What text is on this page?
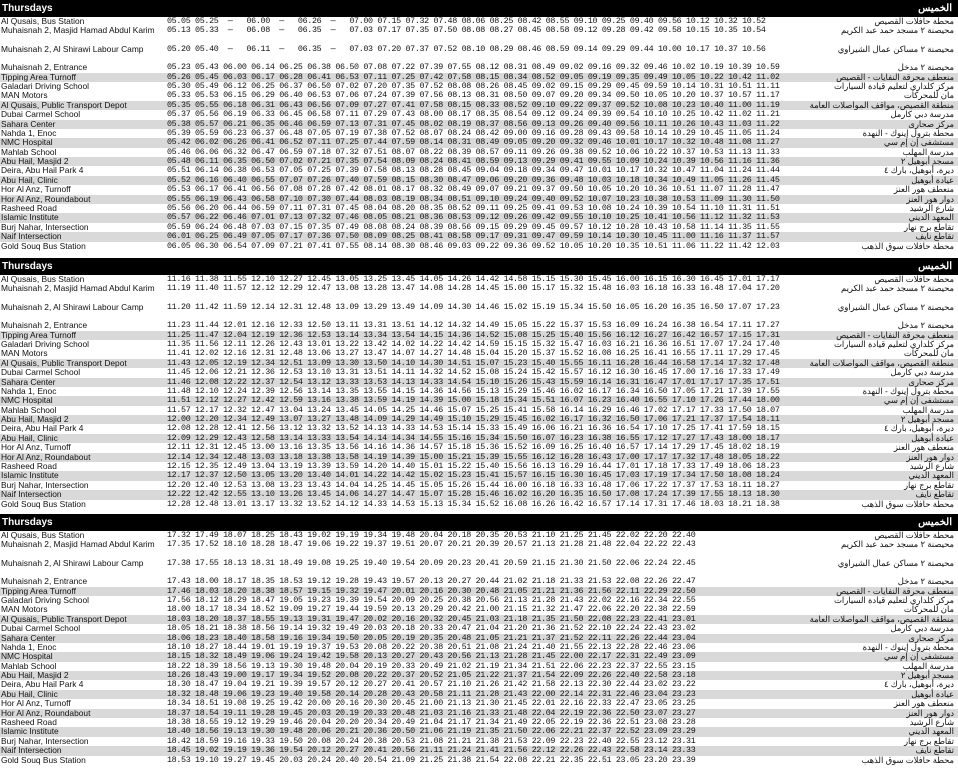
Thursdays	الخميس
Al Qusais, Bus Station	05.05 05.25  —   06.00  —   06.26  —   07.00 07.15 07.32 07.48 08.06 08.25 08.42 08.55 09.10 09.25 09.40 09.56 10.12 10.32 10.52	محطة حافلات القصيص
Muhaisnah 2, Masjid Hamad Abdul Karim	05.13 05.33  —   06.08  —   06.35  —   07.03 07.17 07.35 07.50 08.08 08.27 08.45 08.58 09.12 09.28 09.42 09.58 10.15 10.35 10.54	محيصنة ٢ مسجد حمد عبد الكريم
Muhaisnah 2, Al Shirawi Labour Camp	05.20 05.40  —   06.11  —   06.35  —   07.03 07.20 07.37 07.52 08.10 08.29 08.46 08.59 09.14 09.29 09.44 10.00 10.17 10.37 10.56	محيصنة ٢ مساكن عمال الشيراوي
Muhaisnah 2, Entrance	05.23 05.43 06.00 06.14 06.25 06.38 06.50 07.08 07.22 07.39 07.55 08.12 08.31 08.49 09.02 09.16 09.32 09.46 10.02 10.19 10.39 10.59	محيصنة ٢ مدخل
Tipping Area Turnoff	05.26 05.45 06.03 06.17 06.28 06.41 06.53 07.11 07.25 07.42 07.58 08.15 08.34 08.52 09.05 09.19 09.35 09.49 10.05 10.22 10.42 11.02	منعطف محرقة النفايات - القصيص
Galadari Driving School	05.30 05.49 06.12 06.25 06.37 06.50 07.02 07.20 07.35 07.52 08.08 08.26 08.45 09.02 09.15 09.29 09.45 09.59 10.14 10.31 10.51 11.11	مركز كلداري لتعليم قيادة السيارات
MAN Motors	05.33 05.53 06.15 06.29 06.40 06.53 07.06 07.24 07.39 07.56 08.13 08.31 08.50 09.07 09.20 09.34 09.50 10.05 10.20 10.37 10.57 11.17	مان للمحركات
Al Qusais, Public Transport Depot	05.35 05.55 06.18 06.31 06.43 06.56 07.09 07.27 07.41 07.58 08.15 08.33 08.52 09.10 09.22 09.37 09.52 10.08 10.23 10.40 11.00 11.19	منطقة القصيص، مواقف المواصلات العامة
Dubai Carmel School	05.37 05.56 06.19 06.33 06.45 06.58 07.11 07.29 07.43 08.00 08.17 08.35 08.54 09.12 09.24 09.39 09.54 10.10 10.25 10.42 11.02 11.21	مدرسة دبي كارمل
Sahara Center	05.38 05.57 06.21 06.35 06.46 06.59 07.13 07.31 07.45 08.02 08.19 08.37 08.56 09.13 09.26 09.40 09.56 10.11 10.26 10.43 11.03 11.22	مركز صحارى
Nahda 1, Enoc	05.39 05.59 06.23 06.37 06.48 07.05 07.19 07.38 07.52 08.07 08.24 08.42 09.00 09.16 09.28 09.43 09.58 10.14 10.29 10.45 11.05 11.24	محطة بترول إينوك - النهدة
NMC Hospital	05.42 06.02 06.26 06.41 06.52 07.11 07.25 07.44 07.59 08.14 08.31 08.49 09.05 09.20 09.32 09.46 10.01 10.17 10.32 10.48 11.08 11.27	مستشفى إن إم سي
Mahlab School	05.46 06.06 06.32 06.47 06.59 07.18 07.32 07.51 08.07 08.22 08.39 08.57 09.11 09.26 09.38 09.52 10.06 10.22 10.37 10.53 11.13 11.33	مدرسة المهلب
Abu Hail, Masjid 2	05.48 06.11 06.35 06.50 07.02 07.21 07.35 07.54 08.09 08.24 08.41 08.59 09.13 09.29 09.41 09.55 10.09 10.24 10.39 10.56 11.16 11.36	مسجد أبوهيل ٢
Deira, Abu Hail Park 4	05.51 06.14 06.38 06.53 07.05 07.25 07.39 07.58 08.13 08.28 08.45 09.04 09.18 09.34 09.47 10.01 10.17 10.32 10.47 11.04 11.24 11.44	ديرة، أبوهيل، بارك ٤
Abu Hail, Clinic	05.52 06.16 06.40 06.55 07.07 07.26 07.40 07.59 08.15 08.30 08.47 09.06 09.20 09.36 09.48 10.03 10.18 10.34 10.49 11.05 11.26 11.45	عيادة أبوهيل
Hor Al Anz, Turnoff	05.53 06.17 06.41 06.56 07.08 07.28 07.42 08.01 08.17 08.32 08.49 09.07 09.21 09.37 09.50 10.05 10.20 10.36 10.51 11.07 11.28 11.47	منعطف هور العنز
Hor Al Anz, Roundabout	05.55 06.19 06.43 06.58 07.10 07.30 07.44 08.03 08.19 08.34 08.51 09.10 09.24 09.40 09.52 10.07 10.23 10.38 10.53 11.09 11.30 11.50	دوار هور العنز
Rasheed Road	05.56 06.20 06.44 06.59 07.11 07.31 07.45 08.04 08.20 08.35 08.52 09.11 09.25 09.41 09.53 10.08 10.24 10.39 10.54 11.10 11.31 11.51	شارع الرشيد
Islamic Institute	05.57 06.22 06.46 07.01 07.13 07.32 07.46 08.05 08.21 08.36 08.53 09.12 09.26 09.42 09.55 10.10 10.25 10.41 10.56 11.12 11.32 11.53	المعهد الديني
Burj Nahar, Intersection	05.59 06.24 06.48 07.03 07.15 07.35 07.49 08.08 08.24 08.39 08.56 09.15 09.29 09.45 09.57 10.12 10.28 10.43 10.58 11.14 11.35 11.55	تقاطع برج نهار
Naif Intersection	06.01 06.25 06.49 07.05 07.17 07.36 07.50 08.09 08.25 08.41 08.58 09.17 09.31 09.47 09.59 10.14 10.30 10.45 11.00 11.16 11.37 11.57	تقاطع نايف
Gold Souq Bus Station	06.05 06.30 06.54 07.09 07.21 07.41 07.55 08.14 08.30 08.46 09.03 09.22 09.36 09.52 10.05 10.20 10.35 10.51 11.06 11.22 11.42 12.03	محطة حافلات سوق الذهب
Thursdays	الخميس
Al Qusais, Bus Station	11.16 11.38 11.55 12.10 12.27 12.45 13.05 13.25 13.45 14.05 14.26 14.42 14.58 15.15 15.30 15.45 16.00 16.15 16.30 16.45 17.01 17.17	محطة حافلات القصيص
Muhaisnah 2, Masjid Hamad Abdul Karim	11.19 11.40 11.57 12.12 12.29 12.47 13.08 13.28 13.47 14.08 14.28 14.45 15.00 15.17 15.32 15.48 16.03 16.18 16.33 16.48 17.04 17.20	محيصنة ٢ مسجد حمد عبد الكريم
Muhaisnah 2, Al Shirawi Labour Camp	11.20 11.42 11.59 12.14 12.31 12.48 13.09 13.29 13.49 14.09 14.30 14.46 15.02 15.19 15.34 15.50 16.05 16.20 16.35 16.50 17.07 17.23	محيصنة ٢ مساكن عمال الشيراوي
Muhaisnah 2, Entrance	11.23 11.44 12.01 12.16 12.33 12.50 13.11 13.31 13.51 14.12 14.32 14.49 15.05 15.22 15.37 15.53 16.09 16.24 16.38 16.54 17.11 17.27	محيصنة ٢ مدخل
Tipping Area Turnoff	11.25 11.47 12.04 12.19 12.36 12.53 13.14 13.34 13.54 14.15 14.36 14.52 15.08 15.25 15.40 15.56 16.12 16.27 16.42 16.57 17.15 17.31	منعطف محرقة النفايات - القصيص
Galadari Driving School	11.35 11.56 12.11 12.26 12.43 13.01 13.22 13.42 14.02 14.22 14.42 14.59 15.15 15.32 15.47 16.03 16.21 16.36 16.51 17.07 17.24 17.40	مركز كلداري لتعليم قيادة السيارات
MAN Motors	11.41 12.02 12.16 12.31 12.48 13.06 13.27 13.47 14.07 14.27 14.48 15.04 15.20 15.37 15.52 16.08 16.25 16.41 16.55 17.11 17.29 17.45	مان للمحركات
Al Qusais, Public Transport Depot	11.43 12.05 12.19 12.34 12.51 13.09 13.30 13.50 14.10 14.30 14.51 15.07 15.23 15.40 15.55 16.11 16.28 16.44 16.58 17.14 17.32 17.48	منطقة القصيص، مواقف المواصلات العامة
Dubai Carmel School	11.45 12.06 12.21 12.36 12.53 13.10 13.31 13.51 14.11 14.32 14.52 15.08 15.24 15.42 15.57 16.12 16.30 16.45 17.00 17.16 17.33 17.49	مدرسة دبي كارمل
Sahara Center	11.46 12.08 12.22 12.37 12.54 13.12 13.33 13.53 14.13 14.33 14.54 15.10 15.26 15.43 15.59 16.14 16.31 16.47 17.01 17.17 17.35 17.51	مركز صحارى
Nahda 1, Enoc	11.48 12.10 12.24 12.39 12.56 13.14 13.35 13.55 14.15 14.36 14.56 15.13 15.29 15.46 16.02 16.17 16.34 16.50 17.05 17.21 17.39 17.55	محطة بترول إينوك - النهدة
NMC Hospital	11.51 12.12 12.27 12.42 12.59 13.16 13.38 13.59 14.19 14.39 15.00 15.18 15.34 15.51 16.07 16.23 16.40 16.55 17.10 17.26 17.44 18.00	مستشفى إن إم سي
Mahlab School	11.57 12.17 12.32 12.47 13.04 13.24 13.45 14.05 14.25 14.46 15.07 15.25 15.41 15.58 16.14 16.29 16.46 17.02 17.17 17.33 17.50 18.07	مدرسة المهلب
Abu Hail, Masjid 2	12.00 12.20 12.34 12.49 13.07 13.27 13.48 14.09 14.29 14.49 15.10 15.29 15.45 16.02 16.17 16.32 16.50 17.06 17.21 17.37 17.54 18.11	مسجد أبوهيل ٢
Deira, Abu Hail Park 4	12.08 12.28 12.41 12.56 13.12 13.32 13.52 14.13 14.33 14.53 15.14 15.33 15.49 16.06 16.21 16.36 16.54 17.10 17.25 17.41 17.59 18.15	ديرة، أبوهيل، بارك ٤
Abu Hail, Clinic	12.09 12.29 12.43 12.58 13.14 13.33 13.54 14.14 14.34 14.55 15.16 15.34 15.50 16.07 16.23 16.38 16.55 17.12 17.27 17.43 18.00 18.17	عيادة أبوهيل
Hor Al Anz, Turnoff	12.11 12.31 12.45 13.00 13.16 13.35 13.56 14.16 14.36 14.57 15.18 15.36 15.52 16.09 16.25 16.40 16.57 17.14 17.29 17.45 18.02 18.19	منعطف هور العنز
Hor Al Anz, Roundabout	12.14 12.34 12.48 13.03 13.18 13.38 13.58 14.19 14.39 15.00 15.21 15.39 15.55 16.12 16.28 16.43 17.00 17.17 17.32 17.48 18.05 18.22	دوار هور العنز
Rasheed Road	12.15 12.35 12.49 13.04 13.19 13.39 13.59 14.20 14.40 15.01 15.22 15.40 15.56 16.13 16.29 16.44 17.01 17.18 17.33 17.49 18.06 18.23	شارع الرشيد
Islamic Institute	12.17 12.37 12.50 13.05 13.20 13.40 14.01 14.22 14.42 15.02 15.23 15.41 15.57 16.15 16.30 16.45 17.03 17.19 17.34 17.50 18.08 18.24	المعهد الديني
Burj Nahar, Intersection	12.20 12.40 12.53 13.08 13.23 13.43 14.04 14.25 14.45 15.05 15.26 15.44 16.00 16.18 16.33 16.48 17.06 17.22 17.37 17.53 18.11 18.27	تقاطع برج نهار
Naif Intersection	12.22 12.42 12.55 13.10 13.26 13.45 14.06 14.27 14.47 15.07 15.28 15.46 16.02 16.20 16.35 16.50 17.08 17.24 17.39 17.55 18.13 18.30	تقاطع نايف
Gold Souq Bus Station	12.28 12.48 13.01 13.17 13.32 13.52 14.12 14.33 14.53 15.13 15.34 15.52 16.08 16.26 16.42 16.57 17.14 17.31 17.46 18.03 18.21 18.38	محطة حافلات سوق الذهب
Thursdays	الخميس
Al Qusais, Bus Station	17.32 17.49 18.07 18.25 18.43 19.02 19.19 19.34 19.48 20.04 20.18 20.35 20.53 21.10 21.25 21.45 22.02 22.20 22.40	محطة حافلات القصيص
Muhaisnah 2, Masjid Hamad Abdul Karim	17.35 17.52 18.10 18.28 18.47 19.06 19.22 19.37 19.51 20.07 20.21 20.39 20.57 21.13 21.28 21.48 22.04 22.22 22.43	محيصنة ٢ مسجد حمد عبد الكريم
Muhaisnah 2, Al Shirawi Labour Camp	17.38 17.55 18.13 18.31 18.49 19.08 19.25 19.40 19.54 20.09 20.23 20.41 20.59 21.15 21.30 21.50 22.06 22.24 22.45	محيصنة ٢ مساكن عمال الشيراوي
Muhaisnah 2, Entrance	17.43 18.00 18.17 18.35 18.53 19.12 19.28 19.43 19.57 20.13 20.27 20.44 21.02 21.18 21.33 21.53 22.08 22.26 22.47	محيصنة ٢ مدخل
Tipping Area Turnoff	17.46 18.03 18.20 18.38 18.57 19.15 19.32 19.47 20.01 20.16 20.30 20.48 21.05 21.21 21.36 21.56 22.11 22.29 22.50	منعطف محرقة النفايات - القصيص
Galadari Driving School	17.56 18.12 18.29 18.47 19.05 19.23 19.39 19.54 20.09 20.25 20.38 20.56 21.13 21.28 21.43 22.02 22.16 22.34 22.55	مركز كلداري لتعليم قيادة السيارات
MAN Motors	18.00 18.17 18.34 18.52 19.09 19.27 19.44 19.59 20.13 20.29 20.42 21.00 21.15 21.32 21.47 22.06 22.20 22.38 22.59	مان للمحركات
Al Qusais, Public Transport Depot	18.03 18.20 18.37 18.55 19.13 19.31 19.47 20.02 20.16 20.32 20.45 21.03 21.18 21.35 21.50 22.08 22.23 22.41 23.01	منطقة القصيص، مواقف المواصلات العامة
Dubai Carmel School	18.05 18.21 18.38 18.56 19.14 19.32 19.49 20.03 20.18 20.33 20.47 21.04 21.20 21.36 21.52 22.10 22.24 22.43 23.02	مدرسة دبي كارمل
Sahara Center	18.06 18.23 18.40 18.58 19.16 19.34 19.50 20.05 20.19 20.35 20.48 21.05 21.21 21.37 21.52 22.11 22.26 22.44 23.04	مركز صحارى
Nahda 1, Enoc	18.10 18.27 18.44 19.01 19.19 19.37 19.53 20.08 20.22 20.38 20.51 21.08 21.24 21.40 21.55 22.13 22.28 22.46 23.06	محطة بترول إينوك - النهدة
NMC Hospital	18.15 18.32 18.49 19.06 19.24 19.42 19.58 20.13 20.27 20.43 20.56 21.13 21.28 21.45 22.00 22.17 22.31 22.49 23.09	مستشفى إن إم سي
Mahlab School	18.22 18.39 18.56 19.13 19.30 19.48 20.04 20.19 20.33 20.49 21.02 21.19 21.34 21.51 22.06 22.23 22.37 22.55 23.15	مدرسة المهلب
Abu Hail, Masjid 2	18.26 18.43 19.00 19.17 19.34 19.52 20.08 20.22 20.37 20.52 21.05 21.22 21.37 21.54 22.09 22.26 22.40 22.58 23.18	مسجد أبوهيل ٢
Deira, Abu Hail Park 4	18.30 18.47 19.04 19.21 19.39 19.57 20.12 20.27 20.41 20.57 21.10 21.26 21.42 21.58 22.13 22.30 22.44 23.02 23.22	ديرة، أبوهيل، بارك ٤
Abu Hail, Clinic	18.32 18.48 19.06 19.23 19.40 19.58 20.14 20.28 20.43 20.58 21.11 21.28 21.43 22.00 22.14 22.31 22.46 23.04 23.23	عيادة أبوهيل
Hor Al Anz, Turnoff	18.34 18.51 19.08 19.25 19.42 20.00 20.16 20.30 20.45 21.00 21.13 21.30 21.45 22.01 22.16 22.33 22.47 23.05 23.25	منعطف هور العنز
Hor Al Anz, Roundabout	18.37 18.54 19.11 19.28 19.45 20.03 20.19 20.33 20.48 21.03 21.16 21.33 21.48 22.04 22.19 22.36 22.50 23.07 23.27	دوار هور العنز
Rasheed Road	18.38 18.55 19.12 19.29 19.46 20.04 20.20 20.34 20.49 21.04 21.17 21.34 21.49 22.05 22.19 22.36 22.51 23.08 23.28	شارع الرشيد
Islamic Institute	18.40 18.56 19.13 19.30 19.48 20.06 20.21 20.36 20.50 21.06 21.19 21.35 21.50 22.06 22.21 22.37 22.52 23.09 23.29	المعهد الديني
Burj Nahar, Intersection	18.42 18.59 19.16 19.33 19.50 20.08 20.24 20.38 20.53 21.08 21.21 21.38 21.53 22.09 22.23 22.40 22.55 23.12 23.31	تقاطع برج نهار
Naif Intersection	18.45 19.02 19.19 19.36 19.54 20.12 20.27 20.41 20.56 21.11 21.24 21.41 21.56 22.12 22.26 22.43 22.58 23.14 23.33	تقاطع نايف
Gold Souq Bus Station	18.53 19.10 19.27 19.45 20.03 20.24 20.40 20.54 21.09 21.25 21.38 21.54 22.08 22.21 22.35 22.51 23.05 23.20 23.39	محطة حافلات سوق الذهب
